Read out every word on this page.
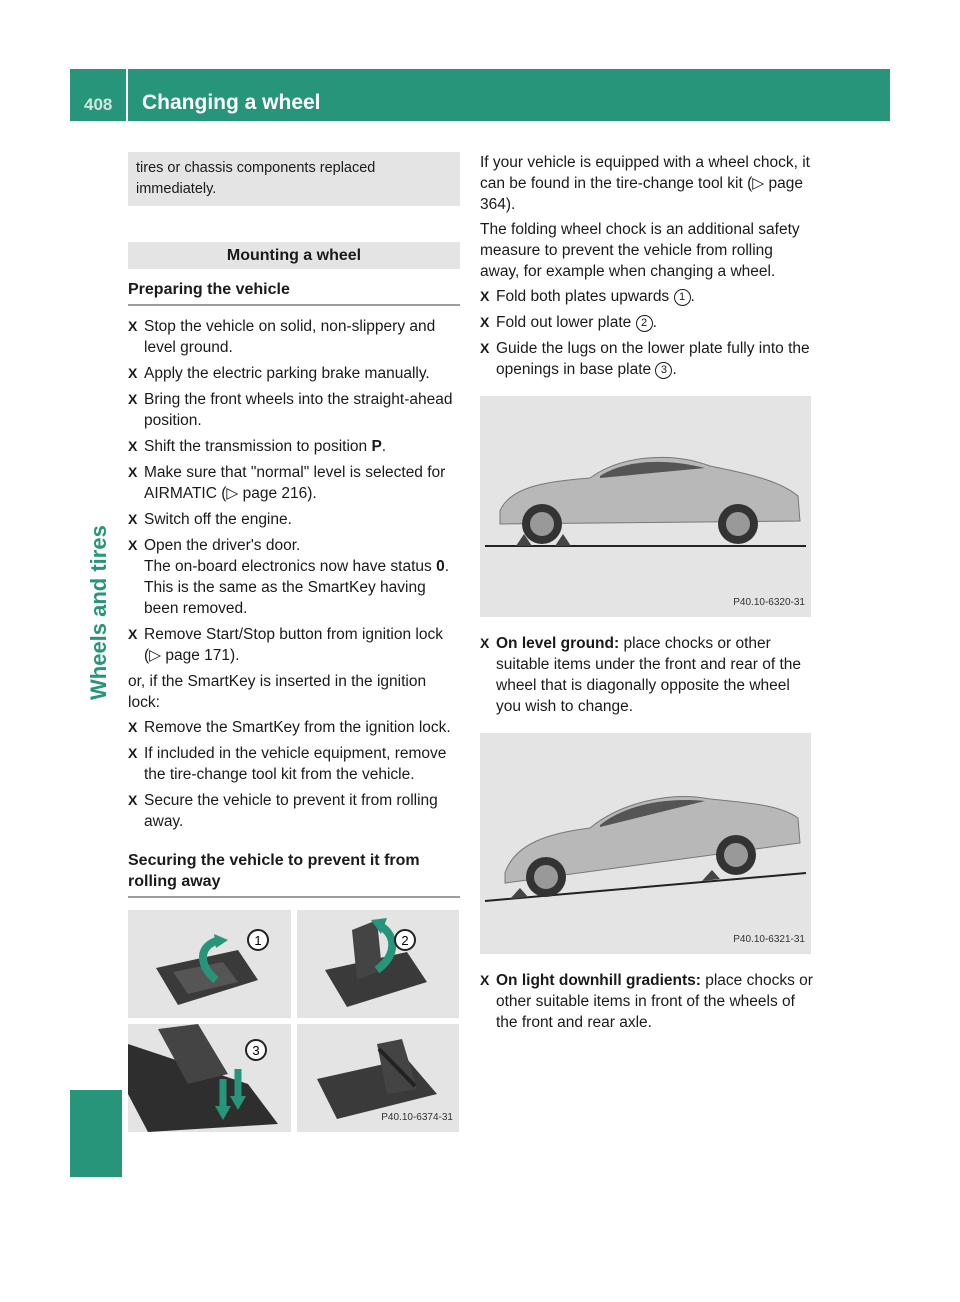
408 Changing a wheel
Wheels and tires
tires or chassis components replaced immediately.
Mounting a wheel
Preparing the vehicle
X Stop the vehicle on solid, non-slippery and level ground.
X Apply the electric parking brake manually.
X Bring the front wheels into the straight-ahead position.
X Shift the transmission to position P.
X Make sure that "normal" level is selected for AIRMATIC (▷ page 216).
X Switch off the engine.
X Open the driver's door.
The on-board electronics now have status 0. This is the same as the SmartKey having been removed.
X Remove Start/Stop button from ignition lock (▷ page 171).
or, if the SmartKey is inserted in the ignition lock:
X Remove the SmartKey from the ignition lock.
X If included in the vehicle equipment, remove the tire-change tool kit from the vehicle.
X Secure the vehicle to prevent it from rolling away.
Securing the vehicle to prevent it from rolling away
1	2
3
P40.10-6374-31
If your vehicle is equipped with a wheel chock, it can be found in the tire-change tool kit (▷ page 364).
The folding wheel chock is an additional safety measure to prevent the vehicle from rolling away, for example when changing a wheel.
X Fold both plates upwards 1 .
X Fold out lower plate 2 .
X Guide the lugs on the lower plate fully into the openings in base plate 3 .
P40.10-6320-31
X On level ground: place chocks or other suitable items under the front and rear of the wheel that is diagonally opposite the wheel you wish to change.
P40.10-6321-31
X On light downhill gradients: place chocks or other suitable items in front of the wheels of the front and rear axle.
